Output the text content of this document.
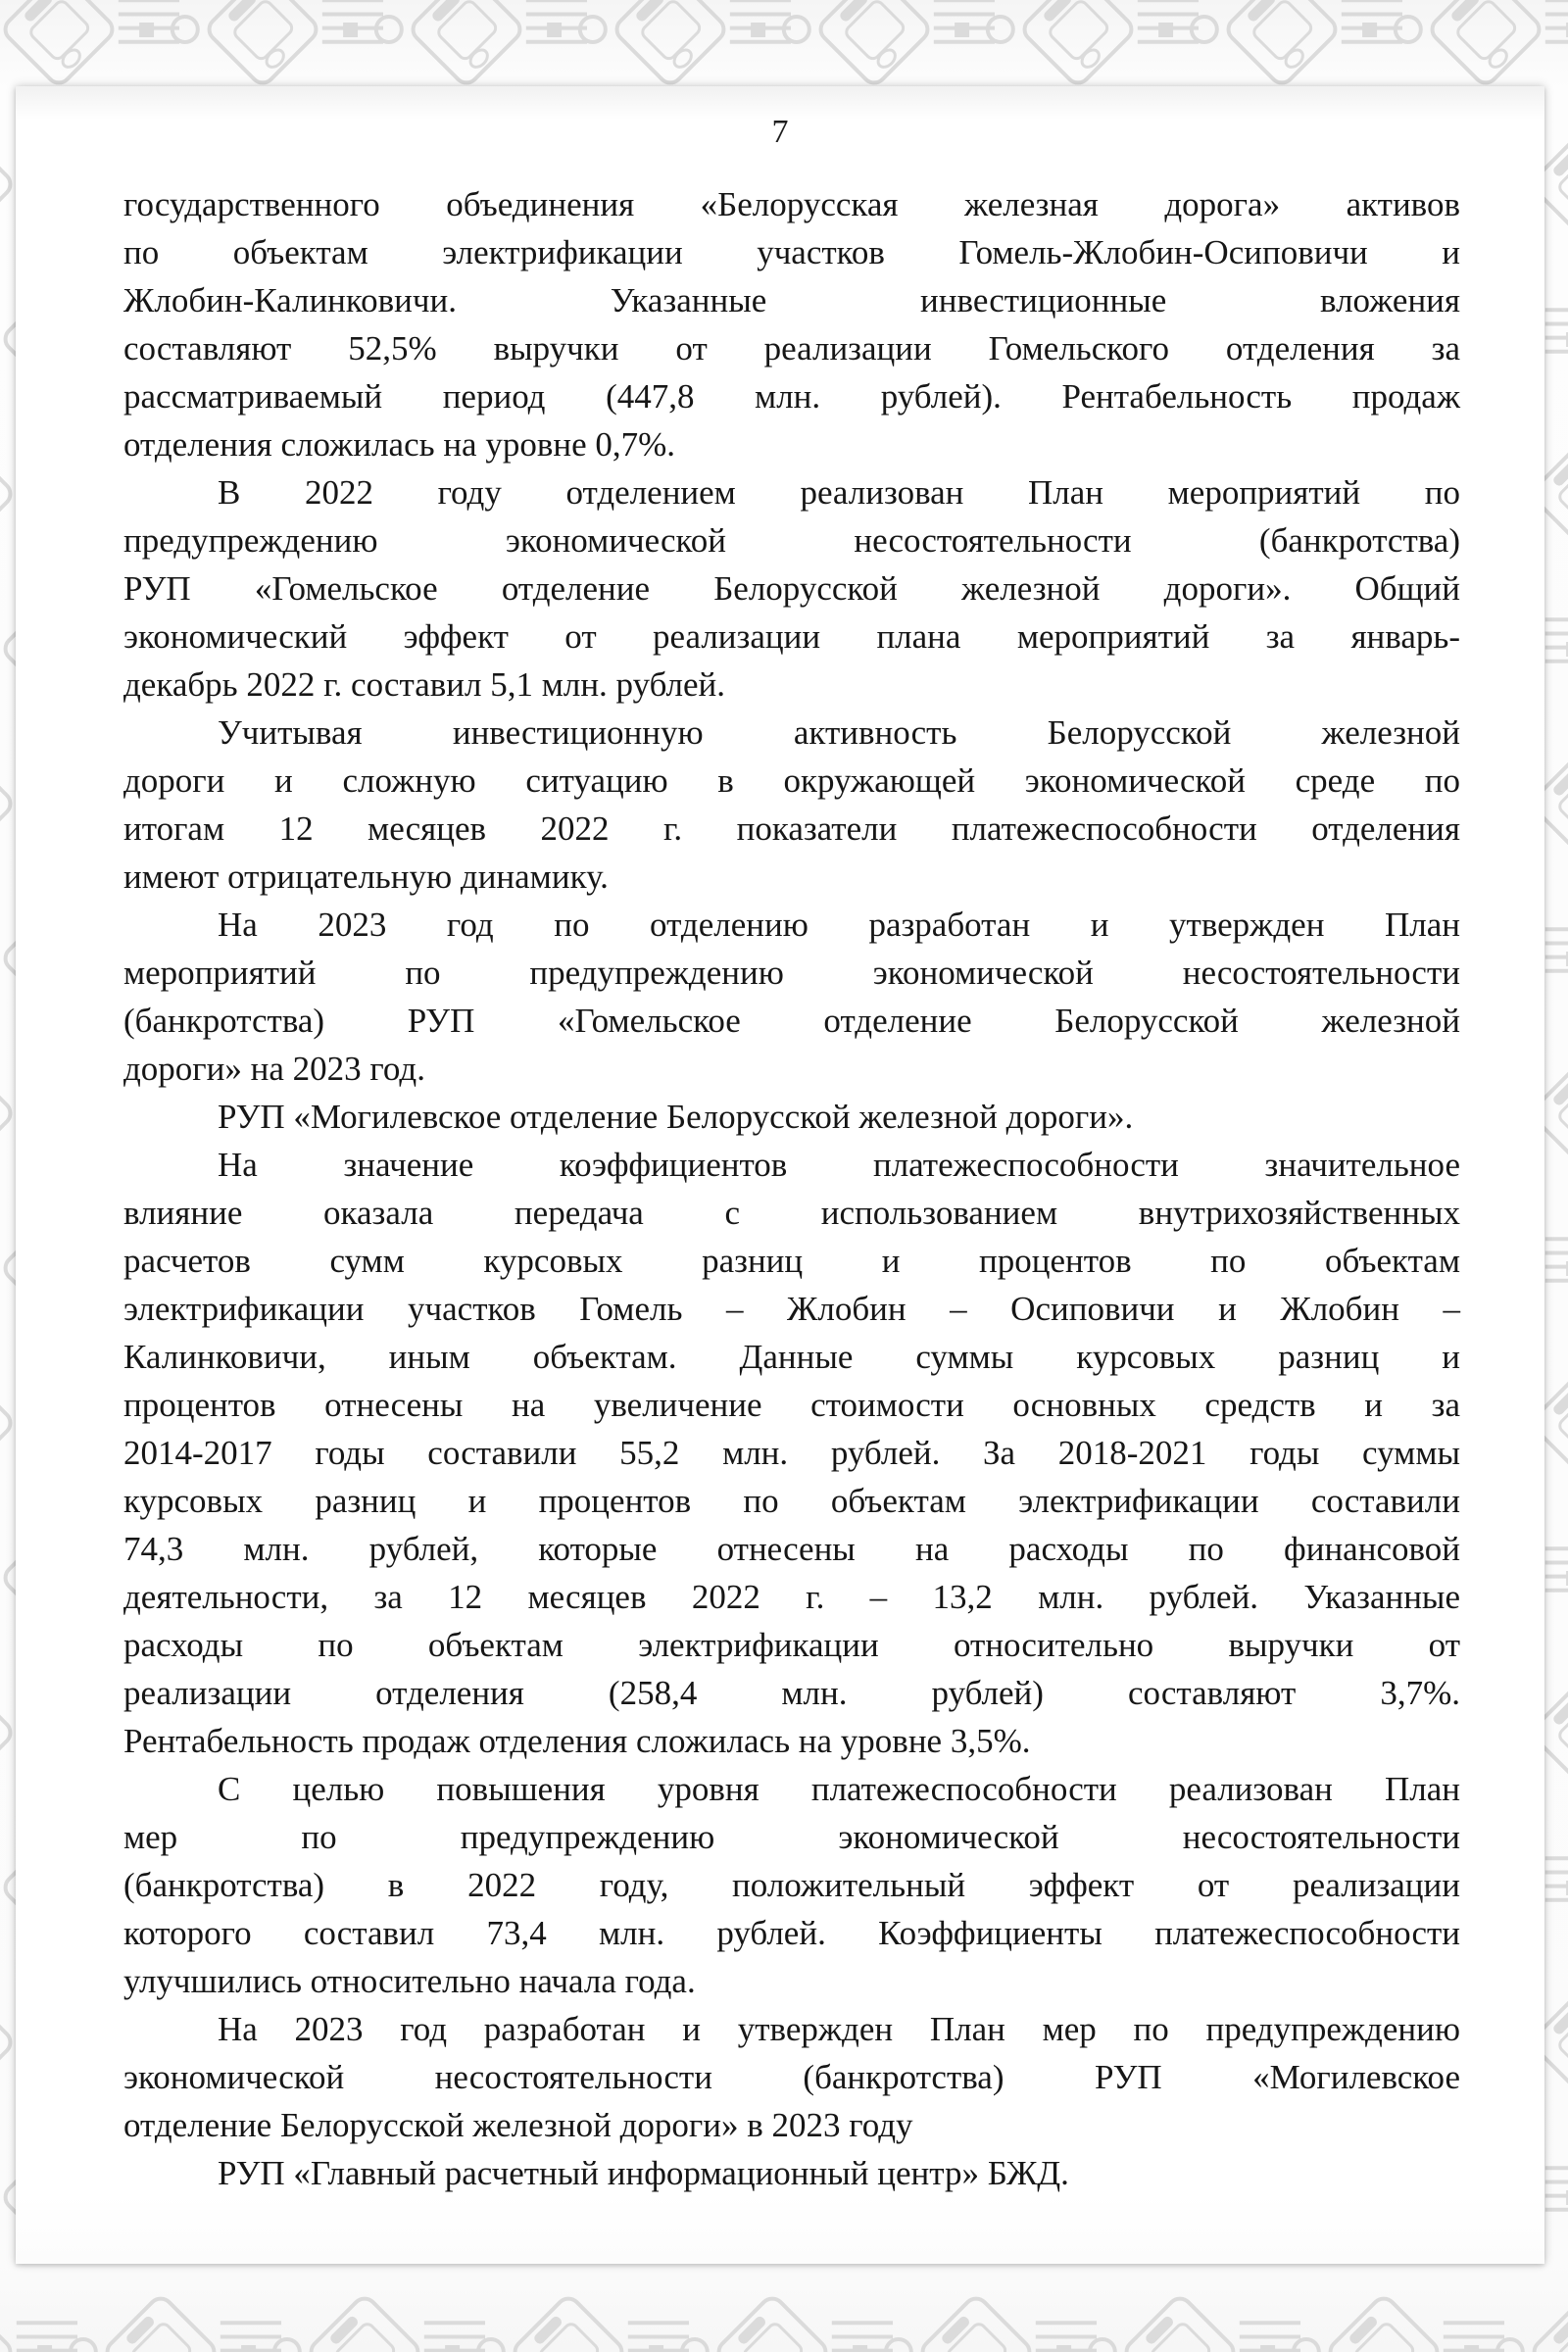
7
государственного объединения «Белорусская железная дорога» активов
по объектам электрификации участков Гомель-Жлобин-Осиповичи и
Жлобин-Калинковичи. Указанные инвестиционные вложения
составляют 52,5% выручки от реализации Гомельского отделения за
рассматриваемый период (447,8 млн. рублей). Рентабельность продаж
отделения сложилась на уровне 0,7%.
В 2022 году отделением реализован План мероприятий по
предупреждению экономической несостоятельности (банкротства)
РУП «Гомельское отделение Белорусской железной дороги». Общий
экономический эффект от реализации плана мероприятий за январь-
декабрь 2022 г. составил 5,1 млн. рублей.
Учитывая инвестиционную активность Белорусской железной
дороги и сложную ситуацию в окружающей экономической среде по
итогам 12 месяцев 2022 г. показатели платежеспособности отделения
имеют отрицательную динамику.
На 2023 год по отделению разработан и утвержден План
мероприятий по предупреждению экономической несостоятельности
(банкротства) РУП «Гомельское отделение Белорусской железной
дороги» на 2023 год.
РУП «Могилевское отделение Белорусской железной дороги».
На значение коэффициентов платежеспособности значительное
влияние оказала передача с использованием внутрихозяйственных
расчетов сумм курсовых разниц и процентов по объектам
электрификации участков Гомель – Жлобин – Осиповичи и Жлобин –
Калинковичи, иным объектам. Данные суммы курсовых разниц и
процентов отнесены на увеличение стоимости основных средств и за
2014-2017 годы составили 55,2 млн. рублей. За 2018-2021 годы суммы
курсовых разниц и процентов по объектам электрификации составили
74,3 млн. рублей, которые отнесены на расходы по финансовой
деятельности, за 12 месяцев 2022 г. – 13,2 млн. рублей. Указанные
расходы по объектам электрификации относительно выручки от
реализации отделения (258,4 млн. рублей) составляют 3,7%.
Рентабельность продаж отделения сложилась на уровне 3,5%.
С целью повышения уровня платежеспособности реализован План
мер по предупреждению экономической несостоятельности
(банкротства) в 2022 году, положительный эффект от реализации
которого составил 73,4 млн. рублей. Коэффициенты платежеспособности
улучшились относительно начала года.
На 2023 год разработан и утвержден План мер по предупреждению
экономической несостоятельности (банкротства) РУП «Могилевское
отделение Белорусской железной дороги» в 2023 году
РУП «Главный расчетный информационный центр» БЖД.
